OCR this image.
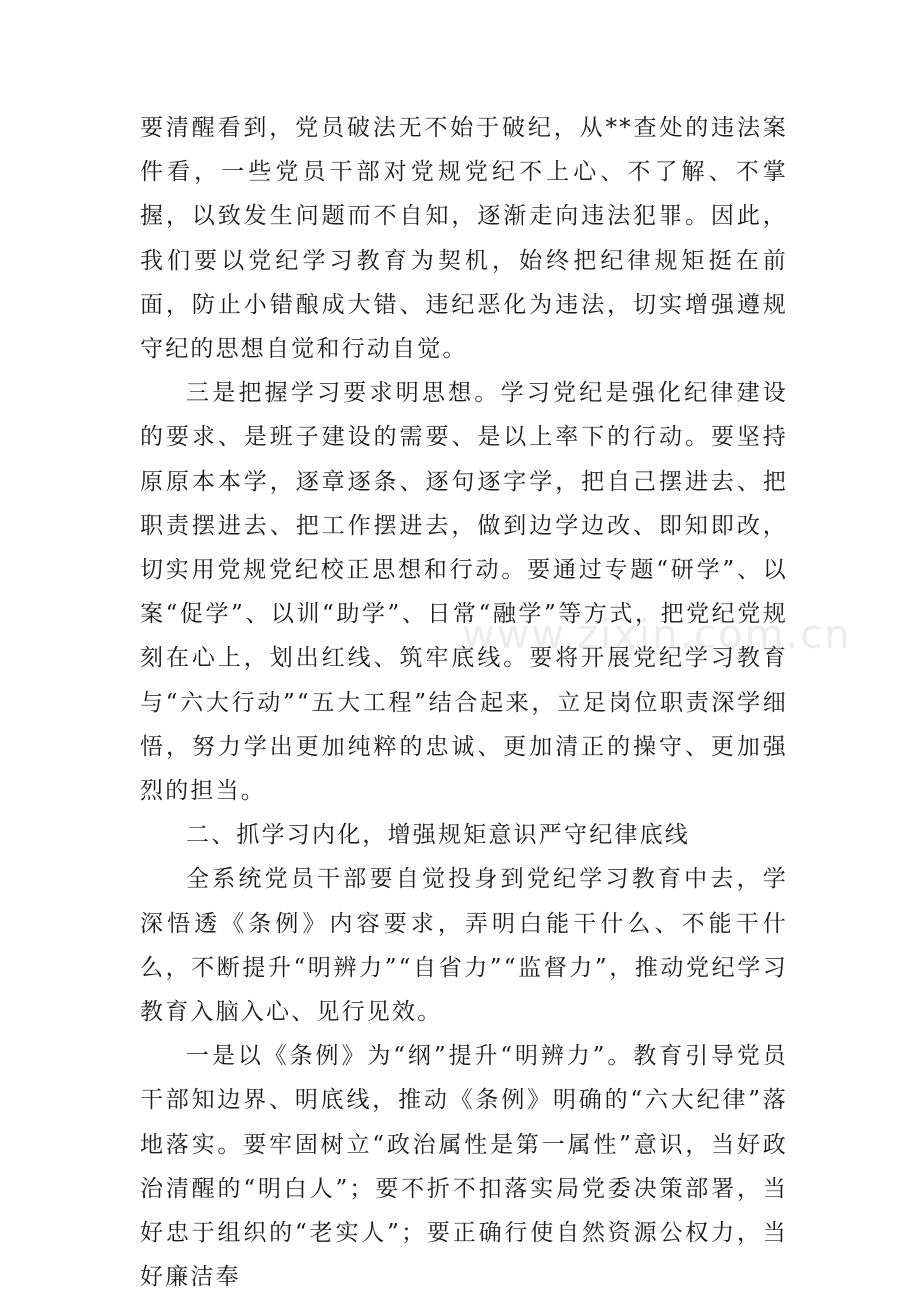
要清醒看到，党员破法无不始于破纪，从**查处的违法案件看，一些党员干部对党规党纪不上心、不了解、不掌握，以致发生问题而不自知，逐渐走向违法犯罪。因此，我们要以党纪学习教育为契机，始终把纪律规矩挺在前面，防止小错酿成大错、违纪恶化为违法，切实增强遵规守纪的思想自觉和行动自觉。

三是把握学习要求明思想。学习党纪是强化纪律建设的要求、是班子建设的需要、是以上率下的行动。要坚持原原本本学，逐章逐条、逐句逐字学，把自己摆进去、把职责摆进去、把工作摆进去，做到边学边改、即知即改，切实用党规党纪校正思想和行动。要通过专题“研学”、以案“促学”、以训“助学”、日常“融学”等方式，把党纪党规刻在心上，划出红线、筑牢底线。要将开展党纪学习教育与“六大行动”“五大工程”结合起来，立足岗位职责深学细悟，努力学出更加纯粹的忠诚、更加清正的操守、更加强烈的担当。

二、抓学习内化，增强规矩意识严守纪律底线

全系统党员干部要自觉投身到党纪学习教育中去，学深悟透《条例》内容要求，弄明白能干什么、不能干什么，不断提升“明辨力”“自省力”“监督力”，推动党纪学习教育入脑入心、见行见效。

一是以《条例》为“纲”提升“明辨力”。教育引导党员干部知边界、明底线，推动《条例》明确的“六大纪律”落地落实。要牢固树立“政治属性是第一属性”意识，当好政治清醒的“明白人”；要不折不扣落实局党委决策部署，当好忠于组织的“老实人”；要正确行使自然资源公权力，当好廉洁奉

www.zixin.com.cn
